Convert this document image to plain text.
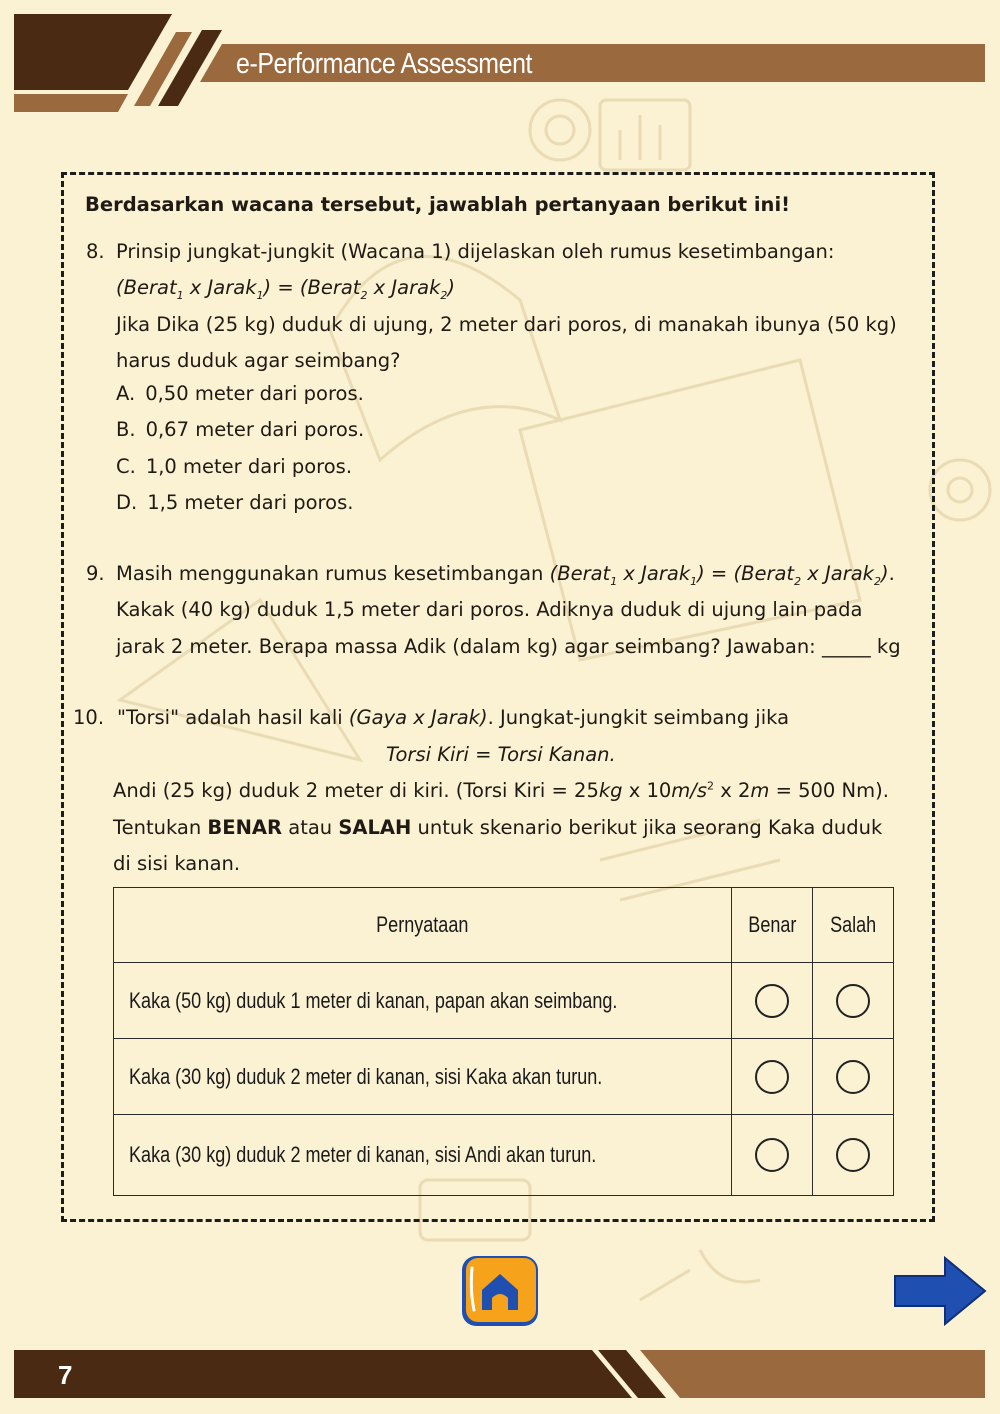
e-Performance Assessment
Berdasarkan wacana tersebut, jawablah pertanyaan berikut ini!
8. Prinsip jungkat-jungkit (Wacana 1) dijelaskan oleh rumus kesetimbangan:
(Berat$_1$ x Jarak$_1$) = (Berat$_2$ x Jarak$_2$)
Jika Dika (25 kg) duduk di ujung, 2 meter dari poros, di manakah ibunya (50 kg)
harus duduk agar seimbang?
A. 0,50 meter dari poros.
B. 0,67 meter dari poros.
C. 1,0 meter dari poros.
D. 1,5 meter dari poros.
9. Masih menggunakan rumus kesetimbangan (Berat$_1$ x Jarak$_1$) = (Berat$_2$ x Jarak$_2$).
Kakak (40 kg) duduk 1,5 meter dari poros. Adiknya duduk di ujung lain pada
jarak 2 meter. Berapa massa Adik (dalam kg) agar seimbang? Jawaban: _____ kg
10. "Torsi" adalah hasil kali (Gaya x Jarak). Jungkat-jungkit seimbang jika
Torsi Kiri = Torsi Kanan.
Andi (25 kg) duduk 2 meter di kiri. (Torsi Kiri = 25kg x $10m/s^2$ x 2m = 500 Nm).
Tentukan BENAR atau SALAH untuk skenario berikut jika seorang Kaka duduk
di sisi kanan.
Pernyataan	Benar	Salah
Kaka (50 kg) duduk 1 meter di kanan, papan akan seimbang.	

Kaka (30 kg) duduk 2 meter di kanan, sisi Kaka akan turun.	

Kaka (30 kg) duduk 2 meter di kanan, sisi Andi akan turun.	

7
